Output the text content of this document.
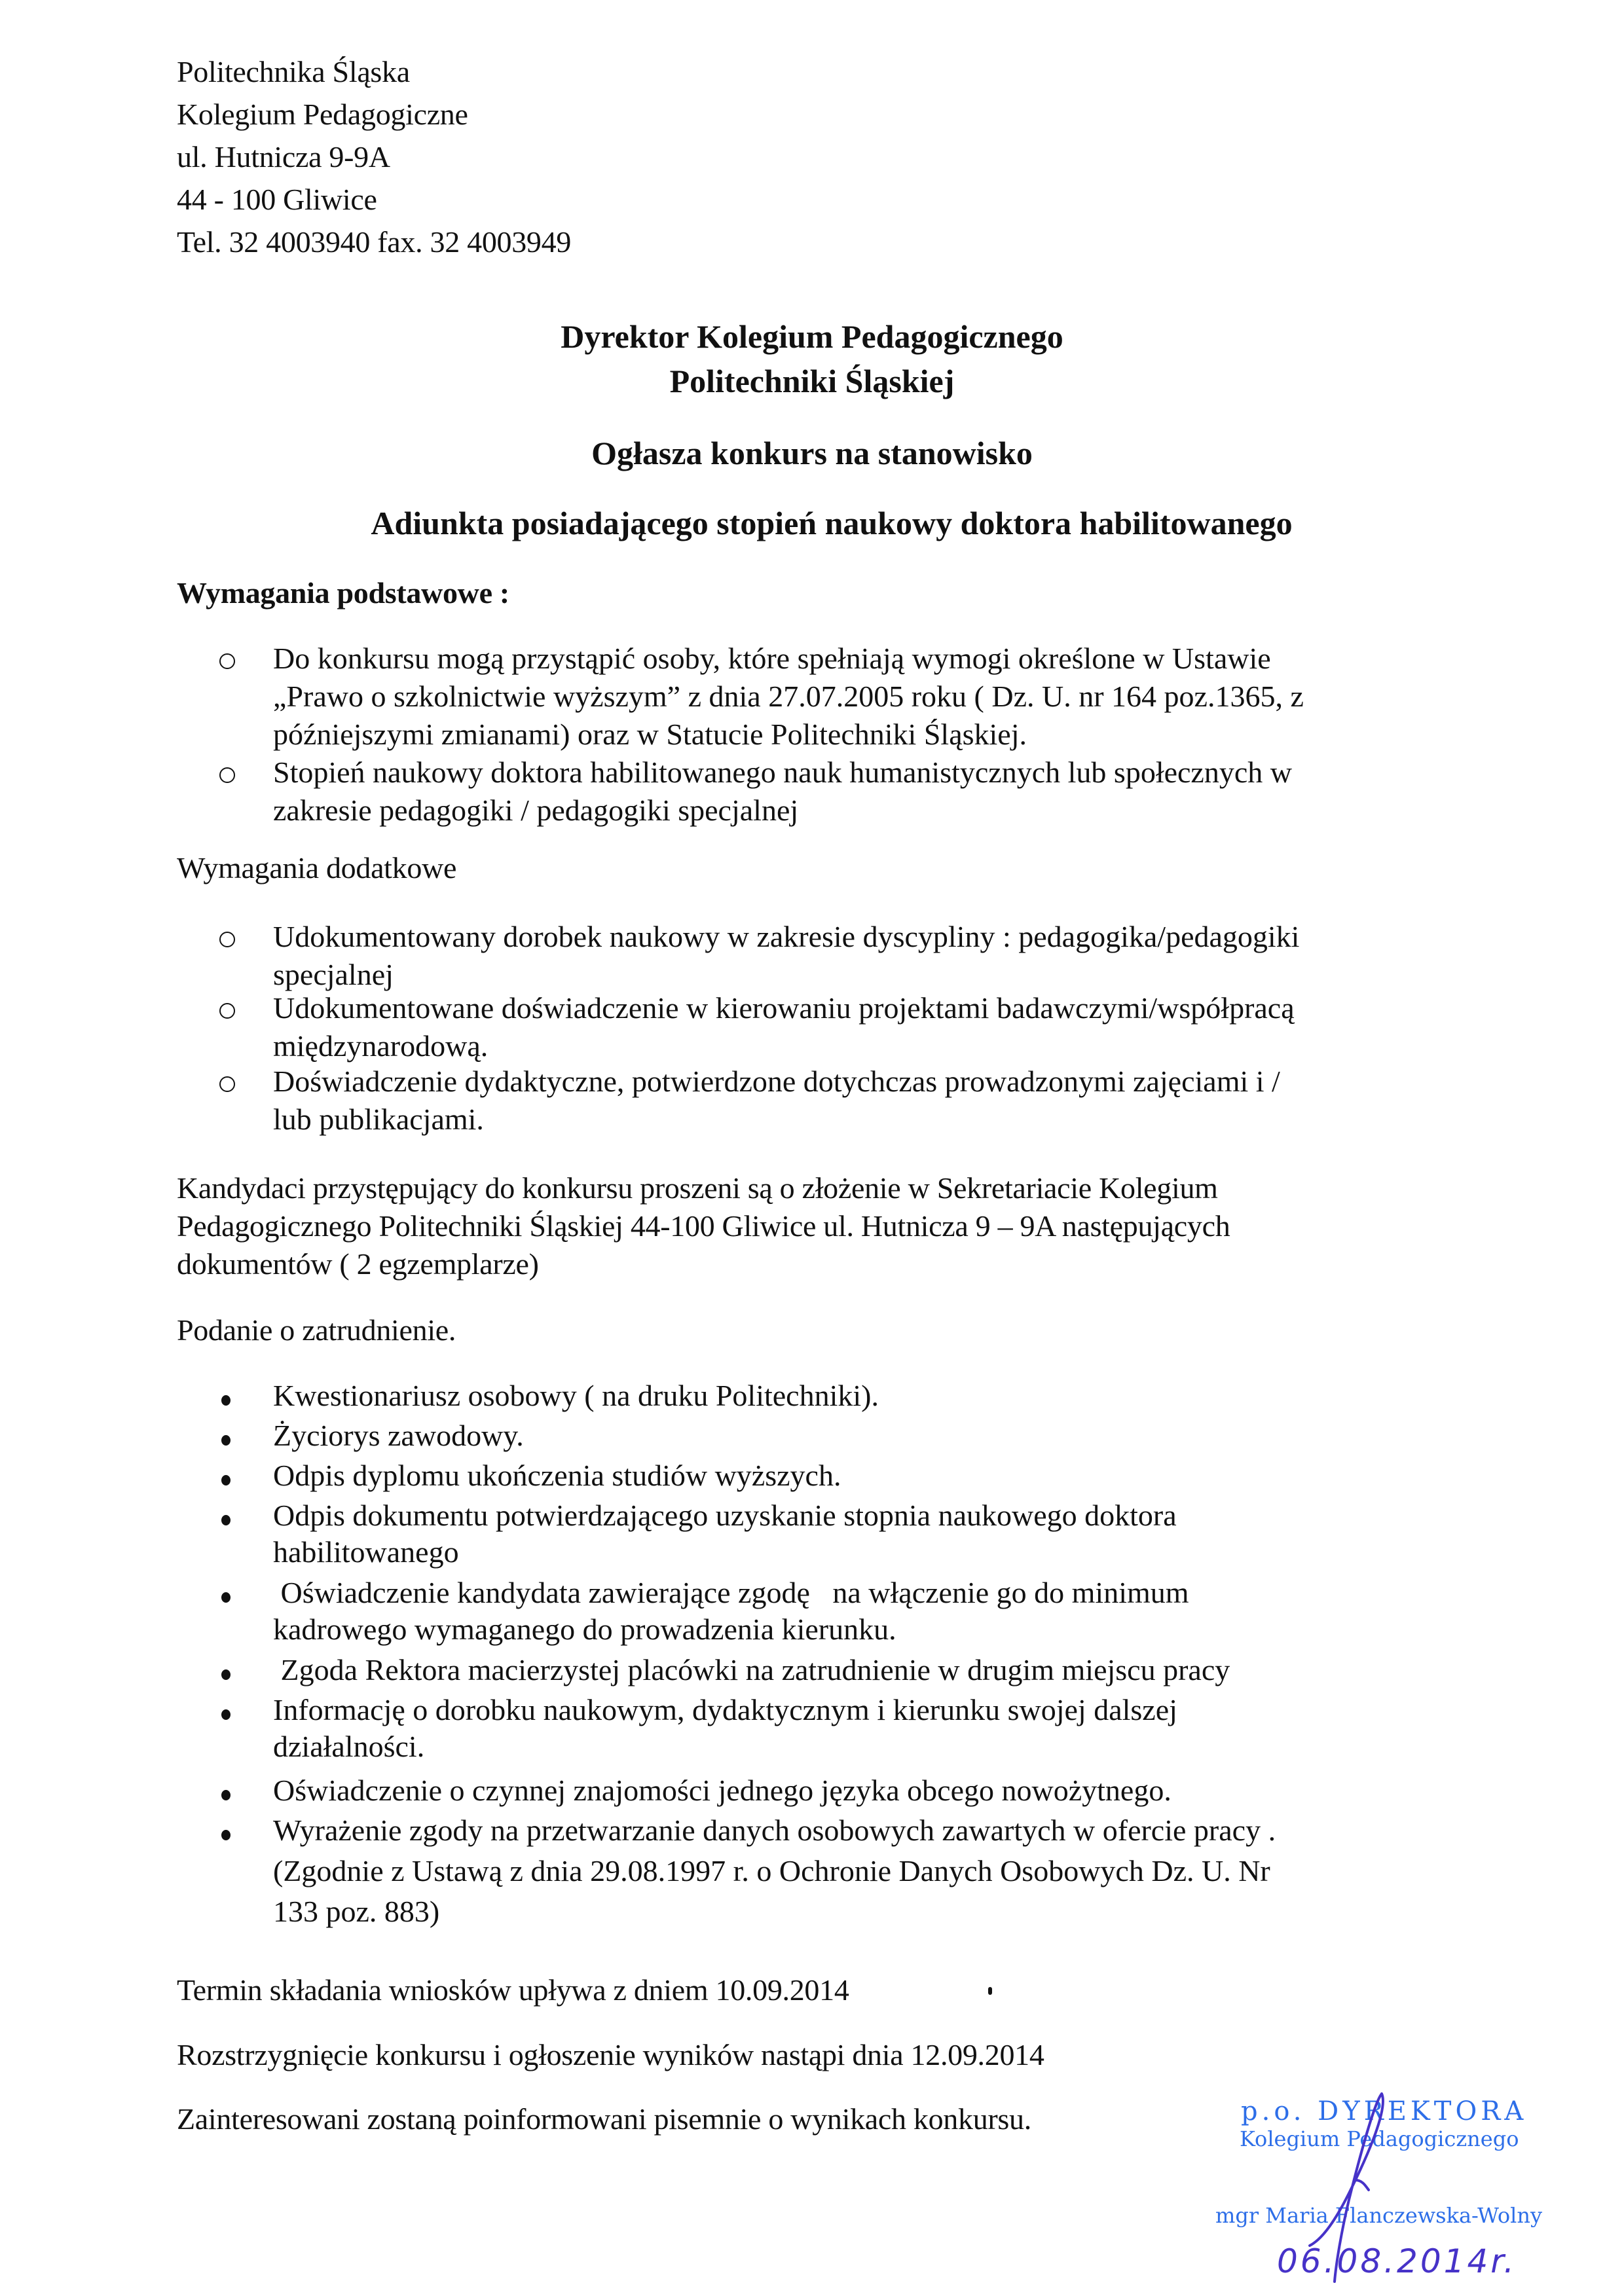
Politechnika Śląska
Kolegium Pedagogiczne
ul. Hutnicza 9-9A
44 - 100 Gliwice
Tel. 32 4003940 fax. 32 4003949
Dyrektor Kolegium Pedagogicznego
Politechniki Śląskiej
Ogłasza konkurs na stanowisko
Adiunkta posiadającego stopień naukowy doktora habilitowanego
Wymagania podstawowe :
Do konkursu mogą przystąpić osoby, które spełniają wymogi określone w Ustawie
„Prawo o szkolnictwie wyższym” z dnia 27.07.2005 roku ( Dz. U. nr 164 poz.1365, z
późniejszymi zmianami) oraz w Statucie Politechniki Śląskiej.
Stopień naukowy doktora habilitowanego nauk humanistycznych lub społecznych w
zakresie pedagogiki / pedagogiki specjalnej
Wymagania dodatkowe
Udokumentowany dorobek naukowy w zakresie dyscypliny : pedagogika/pedagogiki
specjalnej
Udokumentowane doświadczenie w kierowaniu projektami badawczymi/współpracą
międzynarodową.
Doświadczenie dydaktyczne, potwierdzone dotychczas prowadzonymi zajęciami i /
lub publikacjami.
Kandydaci przystępujący do konkursu proszeni są o złożenie w Sekretariacie Kolegium
Pedagogicznego Politechniki Śląskiej 44-100 Gliwice ul. Hutnicza 9 – 9A następujących
dokumentów ( 2 egzemplarze)
Podanie o zatrudnienie.
Kwestionariusz osobowy ( na druku Politechniki).
Życiorys zawodowy.
Odpis dyplomu ukończenia studiów wyższych.
Odpis dokumentu potwierdzającego uzyskanie stopnia naukowego doktora
habilitowanego
Oświadczenie kandydata zawierające zgodę   na włączenie go do minimum
kadrowego wymaganego do prowadzenia kierunku.
Zgoda Rektora macierzystej placówki na zatrudnienie w drugim miejscu pracy
Informację o dorobku naukowym, dydaktycznym i kierunku swojej dalszej
działalności.
Oświadczenie o czynnej znajomości jednego języka obcego nowożytnego.
Wyrażenie zgody na przetwarzanie danych osobowych zawartych w ofercie pracy .
(Zgodnie z Ustawą z dnia 29.08.1997 r. o Ochronie Danych Osobowych Dz. U. Nr
133 poz. 883)
Termin składania wniosków upływa z dniem 10.09.2014
Rozstrzygnięcie konkursu i ogłoszenie wyników nastąpi dnia 12.09.2014
Zainteresowani zostaną poinformowani pisemnie o wynikach konkursu.	p.o. DYREKTORA
Kolegium Pedagogicznego
mgr Maria Flanczewska-Wolny
06.08.2014r.
